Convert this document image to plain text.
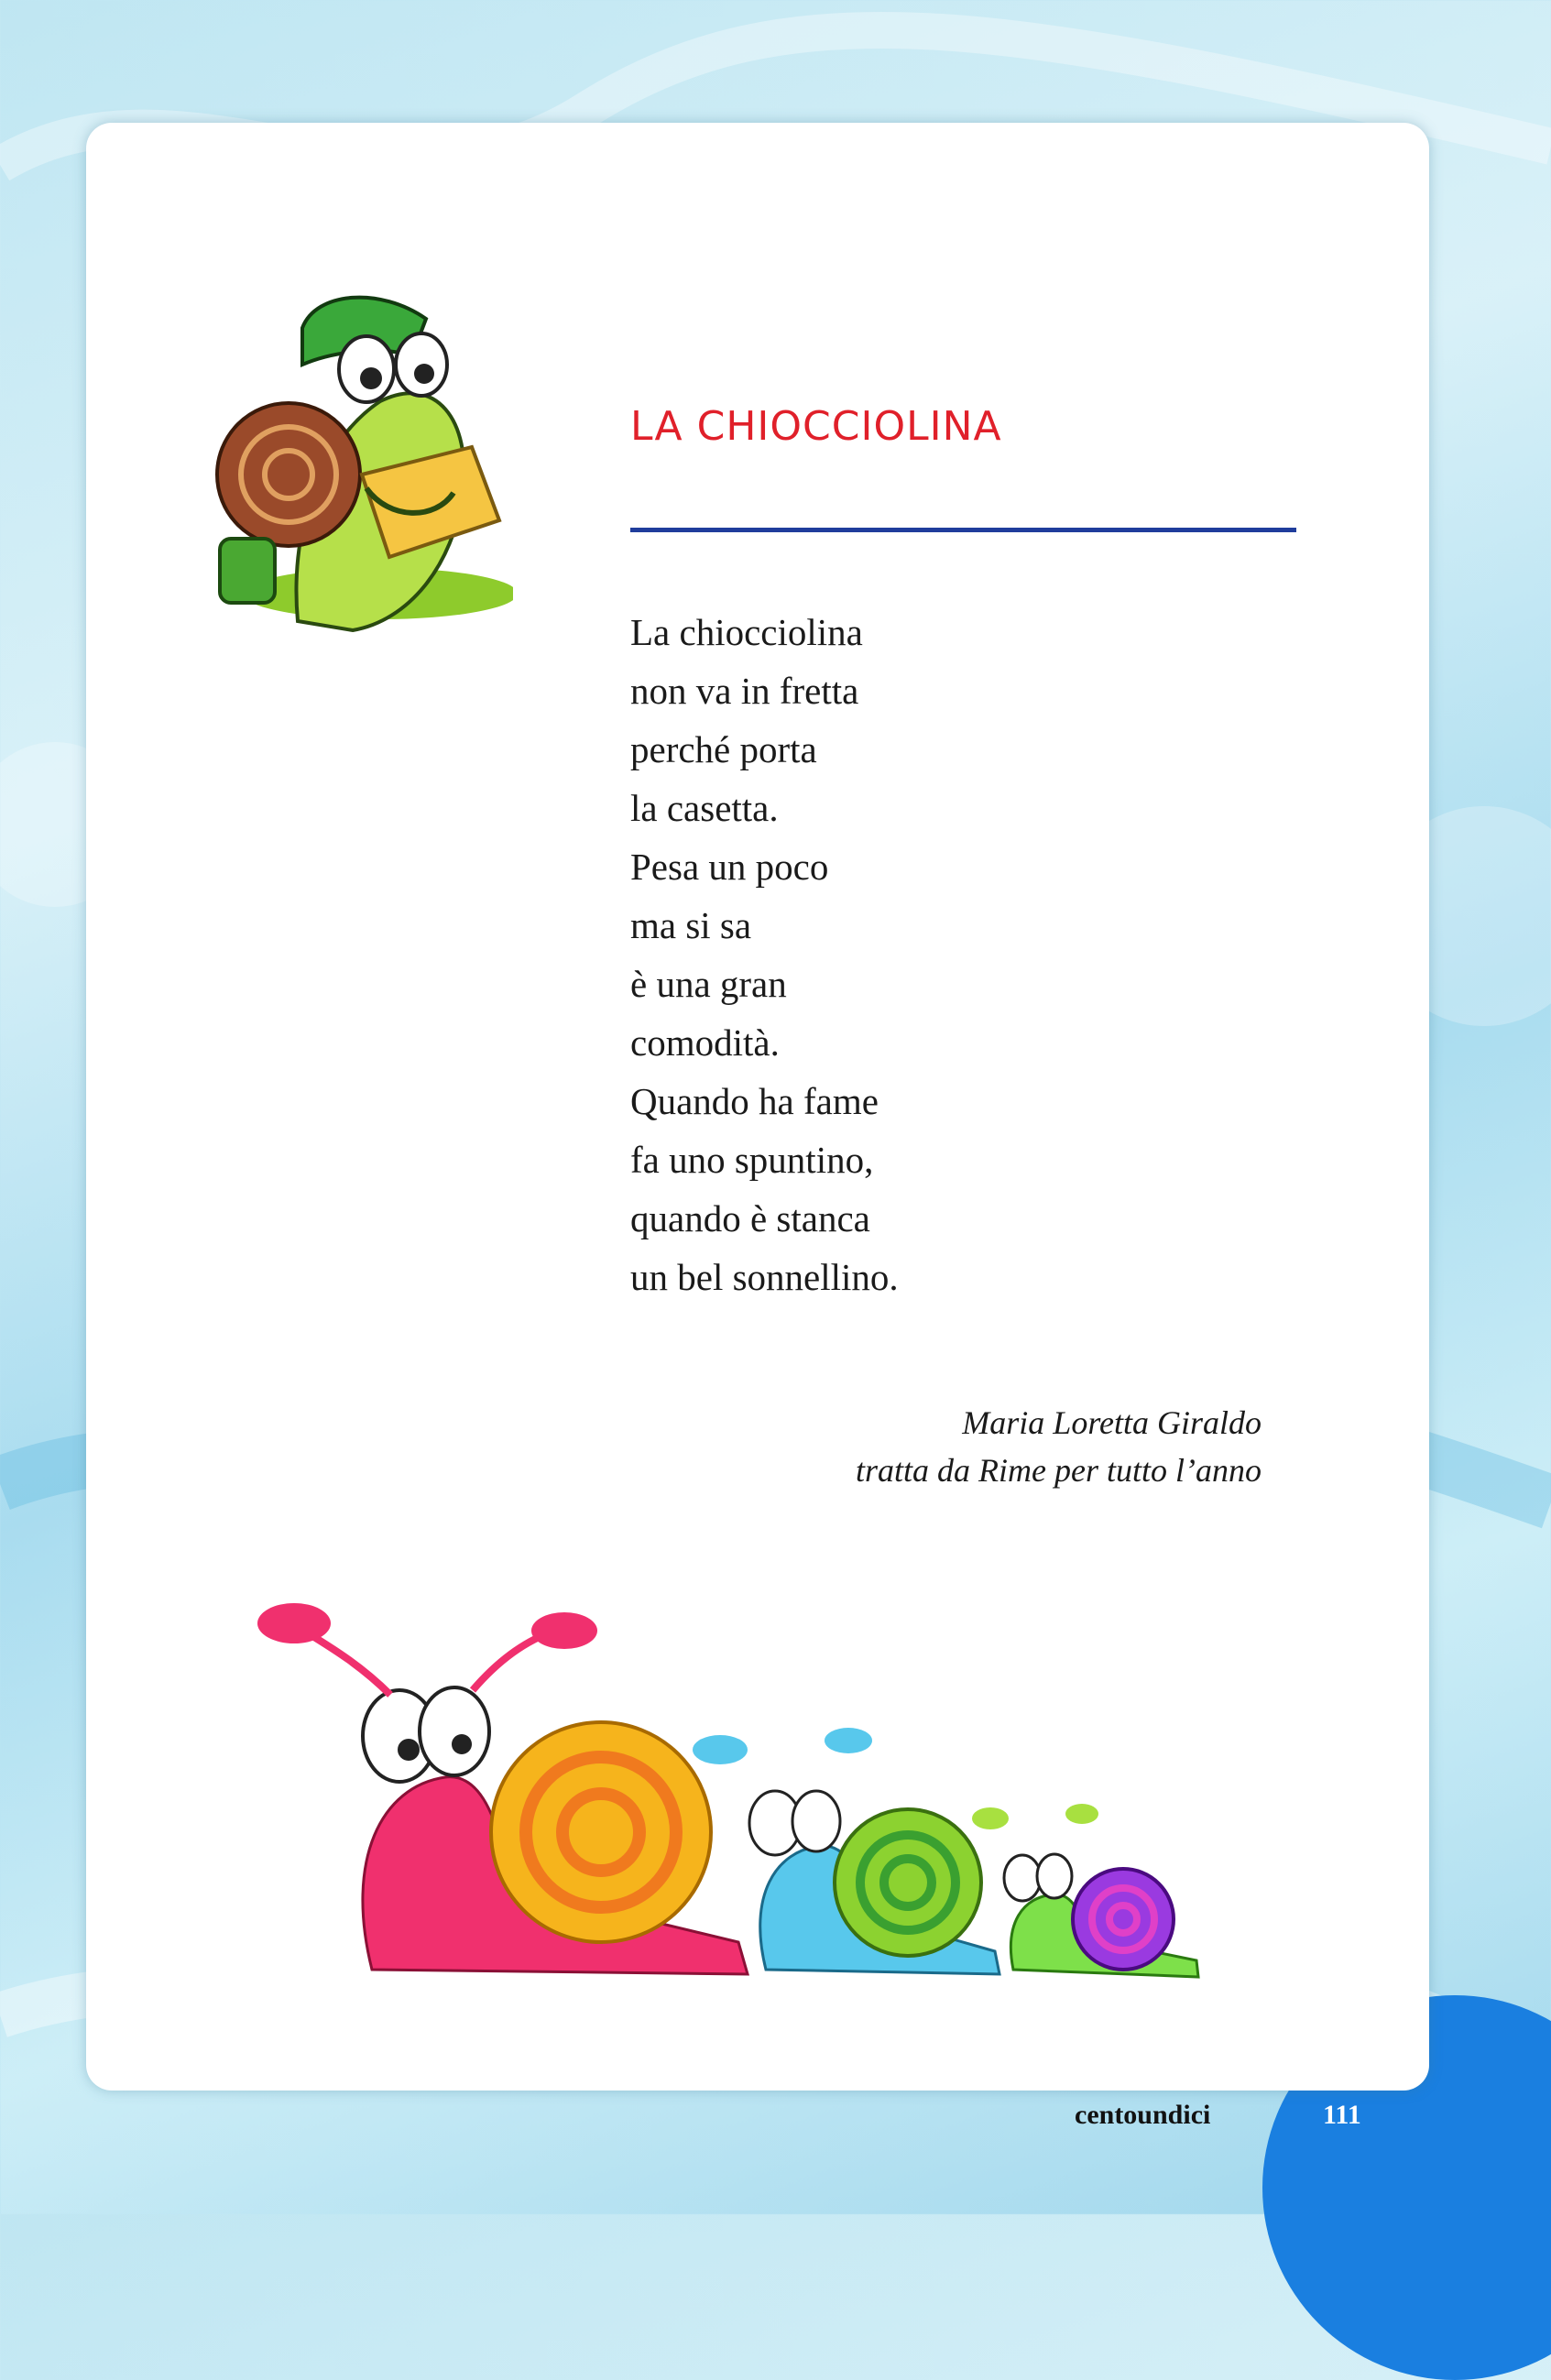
LA CHIOCCIOLINA
La chiocciolina
non va in fretta
perché porta
la casetta.
Pesa un poco
ma si sa
è una gran
comodità.
Quando ha fame
fa uno spuntino,
quando è stanca
un bel sonnellino.
Maria Loretta Giraldo
tratta da Rime per tutto l’anno
centoundici	111
